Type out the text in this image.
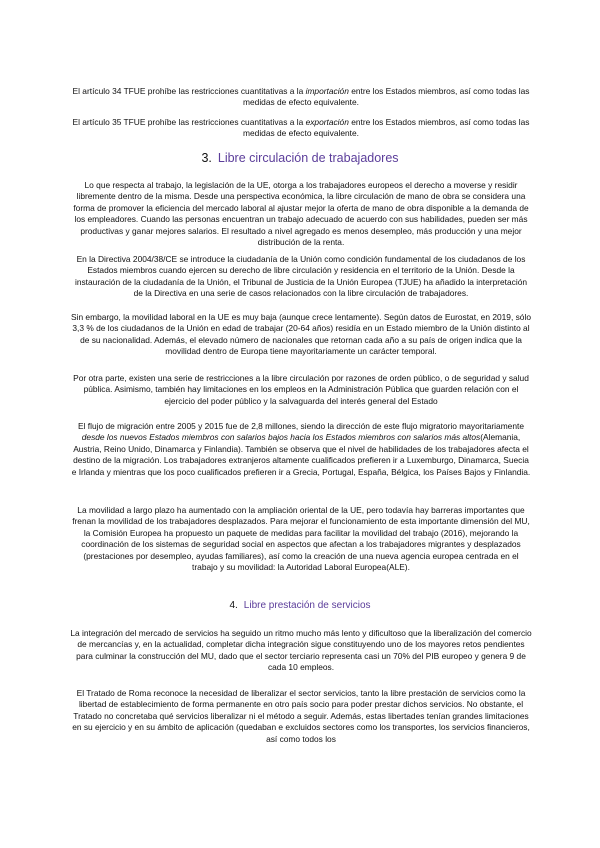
El artículo 34 TFUE prohíbe las restricciones cuantitativas a la importación entre los Estados miembros, así como todas las medidas de efecto equivalente.

El artículo 35 TFUE prohíbe las restricciones cuantitativas a la exportación entre los Estados miembros, así como todas las medidas de efecto equivalente.

3. Libre circulación de trabajadores

Lo que respecta al trabajo, la legislación de la UE, otorga a los trabajadores europeos el derecho a moverse y residir libremente dentro de la misma. Desde una perspectiva económica, la libre circulación de mano de obra se considera una forma de promover la eficiencia del mercado laboral al ajustar mejor la oferta de mano de obra disponible a la demanda de los empleadores. Cuando las personas encuentran un trabajo adecuado de acuerdo con sus habilidades, pueden ser más productivas y ganar mejores salarios. El resultado a nivel agregado es menos desempleo, más producción y una mejor distribución de la renta.

En la Directiva 2004/38/CE se introduce la ciudadanía de la Unión como condición fundamental de los ciudadanos de los Estados miembros cuando ejercen su derecho de libre circulación y residencia en el territorio de la Unión. Desde la instauración de la ciudadanía de la Unión, el Tribunal de Justicia de la Unión Europea (TJUE) ha añadido la interpretación de la Directiva en una serie de casos relacionados con la libre circulación de trabajadores.

Sin embargo, la movilidad laboral en la UE es muy baja (aunque crece lentamente). Según datos de Eurostat, en 2019, sólo 3,3 % de los ciudadanos de la Unión en edad de trabajar (20-64 años) residía en un Estado miembro de la Unión distinto al de su nacionalidad. Además, el elevado número de nacionales que retornan cada año a su país de origen indica que la movilidad dentro de Europa tiene mayoritariamente un carácter temporal.

Por otra parte, existen una serie de restricciones a la libre circulación por razones de orden público, o de seguridad y salud pública. Asimismo, también hay limitaciones en los empleos en la Administración Pública que guarden relación con el ejercicio del poder público y la salvaguarda del interés general del Estado

El flujo de migración entre 2005 y 2015 fue de 2,8 millones, siendo la dirección de este flujo migratorio mayoritariamente desde los nuevos Estados miembros con salarios bajos hacia los Estados miembros con salarios más altos(Alemania, Austria, Reino Unido, Dinamarca y Finlandia). También se observa que el nivel de habilidades de los trabajadores afecta el destino de la migración. Los trabajadores extranjeros altamente cualificados prefieren ir a Luxemburgo, Dinamarca, Suecia e Irlanda y mientras que los poco cualificados prefieren ir a Grecia, Portugal, España, Bélgica, los Países Bajos y Finlandia.

La movilidad a largo plazo ha aumentado con la ampliación oriental de la UE, pero todavía hay barreras importantes que frenan la movilidad de los trabajadores desplazados. Para mejorar el funcionamiento de esta importante dimensión del MU, la Comisión Europea ha propuesto un paquete de medidas para facilitar la movilidad del trabajo (2016), mejorando la coordinación de los sistemas de seguridad social en aspectos que afectan a los trabajadores migrantes y desplazados (prestaciones por desempleo, ayudas familiares), así como la creación de una nueva agencia europea centrada en el trabajo y su movilidad: la Autoridad Laboral Europea(ALE).

4. Libre prestación de servicios

La integración del mercado de servicios ha seguido un ritmo mucho más lento y dificultoso que la liberalización del comercio de mercancías y, en la actualidad, completar dicha integración sigue constituyendo uno de los mayores retos pendientes para culminar la construcción del MU, dado que el sector terciario representa casi un 70% del PIB europeo y genera 9 de cada 10 empleos.

El Tratado de Roma reconoce la necesidad de liberalizar el sector servicios, tanto la libre prestación de servicios como la libertad de establecimiento de forma permanente en otro país socio para poder prestar dichos servicios. No obstante, el Tratado no concretaba qué servicios liberalizar ni el método a seguir. Además, estas libertades tenían grandes limitaciones en su ejercicio y en su ámbito de aplicación (quedaban e excluidos sectores como los transportes, los servicios financieros, así como todos los
